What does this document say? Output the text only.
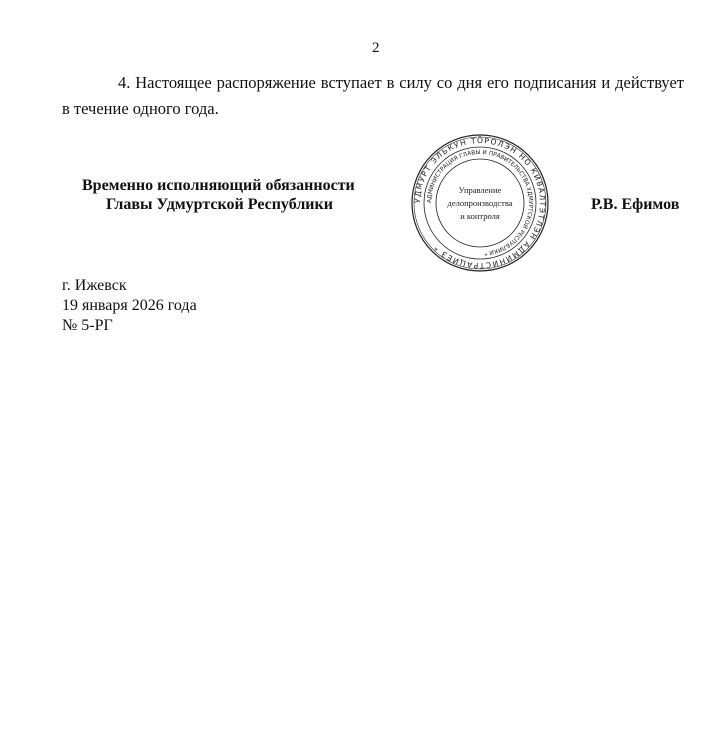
2
4. Настоящее распоряжение вступает в силу со дня его подписания и действует в течение одного года.
УДМУРТ ЭЛЬКУН ТӦРОЛЭН НО КИВАЛТЭТЛЭН АДМИНИСТРАЦИЕЗ *
АДМИНИСТРАЦИЯ ГЛАВЫ И ПРАВИТЕЛЬСТВА УДМУРТСКОЙ РЕСПУБЛИКИ *
Управление
делопроизводства
и контроля
Временно исполняющий обязанности
Главы Удмуртской Республики	Р.В. Ефимов
г. Ижевск
19 января 2026 года
№ 5-РГ
